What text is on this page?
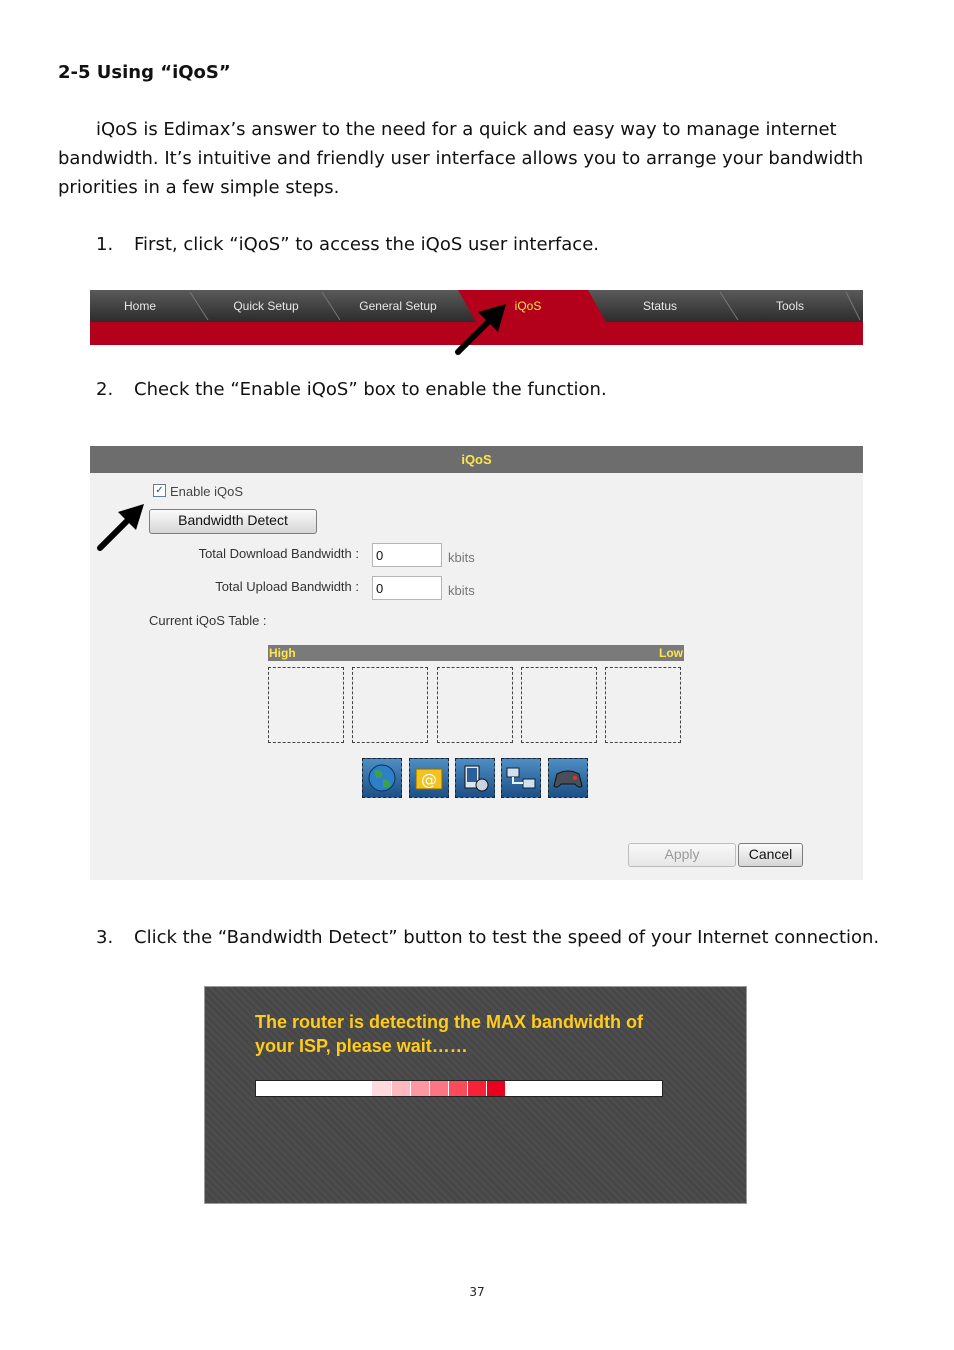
2-5 Using “iQoS”
iQoS is Edimax’s answer to the need for a quick and easy way to manage internet
bandwidth. It’s intuitive and friendly user interface allows you to arrange your bandwidth
priorities in a few simple steps.
1. First, click “iQoS” to access the iQoS user interface.
Home	Quick Setup	General Setup	iQoS	Status	Tools
2. Check the “Enable iQoS” box to enable the function.
iQoS
✓ Enable iQoS
Bandwidth Detect
Total Download Bandwidth :	0	kbits
Total Upload Bandwidth :	0	kbits
Current iQoS Table :
High	Low
@
Apply	Cancel
3. Click the “Bandwidth Detect” button to test the speed of your Internet connection.
The router is detecting the MAX bandwidth of
your ISP, please wait……
37
